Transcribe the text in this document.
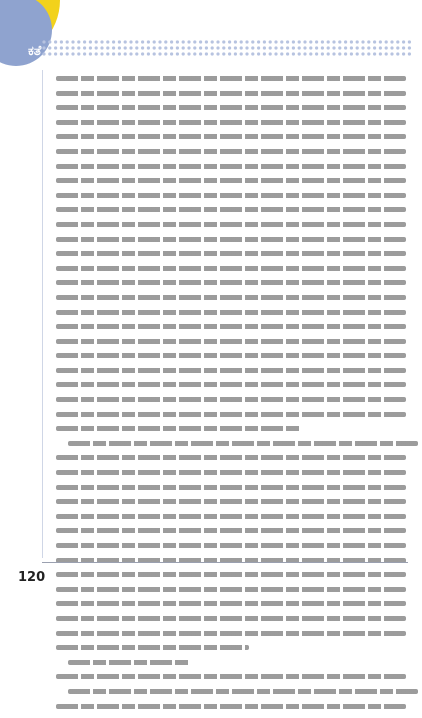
ಕತೆ
120
